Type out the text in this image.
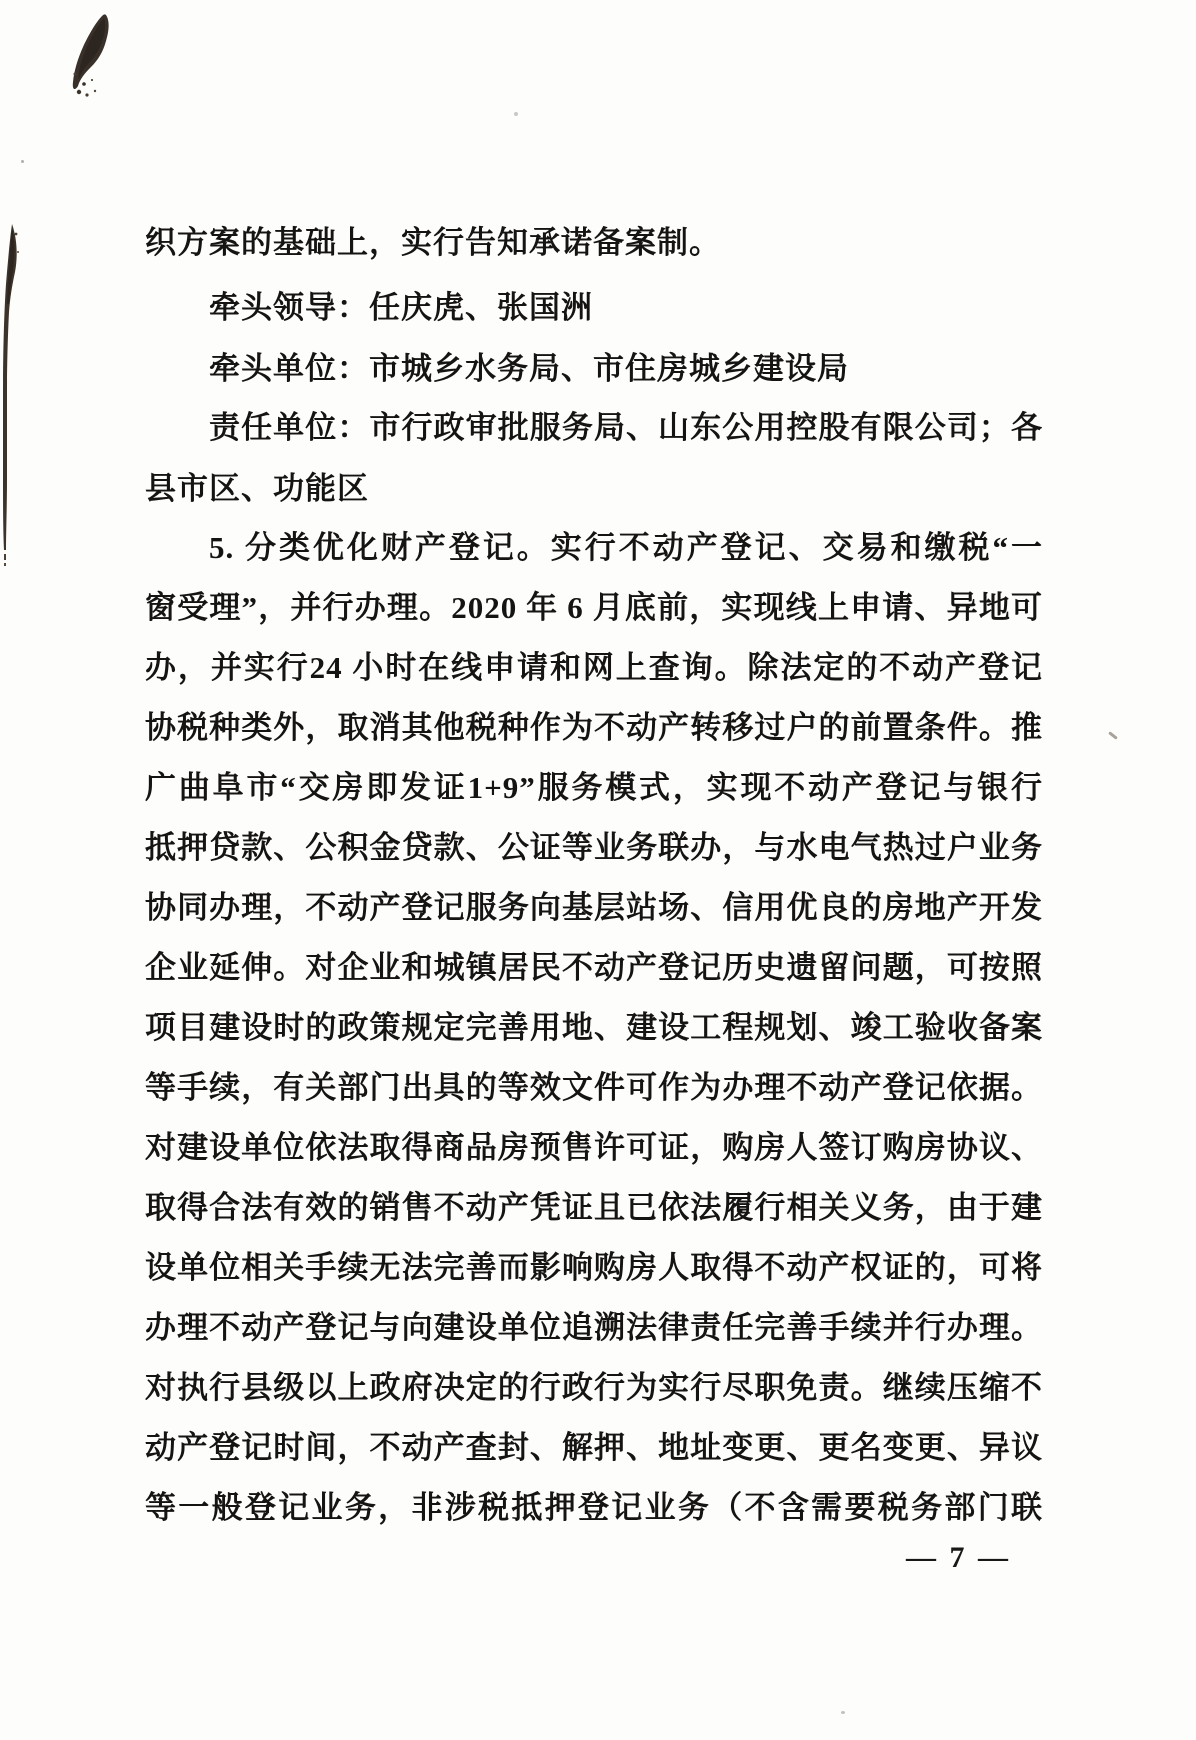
织方案的基础上，实行告知承诺备案制。
牵头领导：任庆虎、张国洲
牵头单位：市城乡水务局、市住房城乡建设局
责任单位：市行政审批服务局、山东公用控股有限公司；各
县市区、功能区
5. 分类优化财产登记。实行不动产登记、交易和缴税“一
窗受理”，并行办理。2020 年 6 月底前，实现线上申请、异地可
办，并实行24 小时在线申请和网上查询。除法定的不动产登记
协税种类外，取消其他税种作为不动产转移过户的前置条件。推
广曲阜市“交房即发证1+9”服务模式，实现不动产登记与银行
抵押贷款、公积金贷款、公证等业务联办，与水电气热过户业务
协同办理，不动产登记服务向基层站场、信用优良的房地产开发
企业延伸。对企业和城镇居民不动产登记历史遗留问题，可按照
项目建设时的政策规定完善用地、建设工程规划、竣工验收备案
等手续，有关部门出具的等效文件可作为办理不动产登记依据。
对建设单位依法取得商品房预售许可证，购房人签订购房协议、
取得合法有效的销售不动产凭证且已依法履行相关义务，由于建
设单位相关手续无法完善而影响购房人取得不动产权证的，可将
办理不动产登记与向建设单位追溯法律责任完善手续并行办理。
对执行县级以上政府决定的行政行为实行尽职免责。继续压缩不
动产登记时间，不动产查封、解押、地址变更、更名变更、异议
等一般登记业务，非涉税抵押登记业务（不含需要税务部门联
— 7 —
